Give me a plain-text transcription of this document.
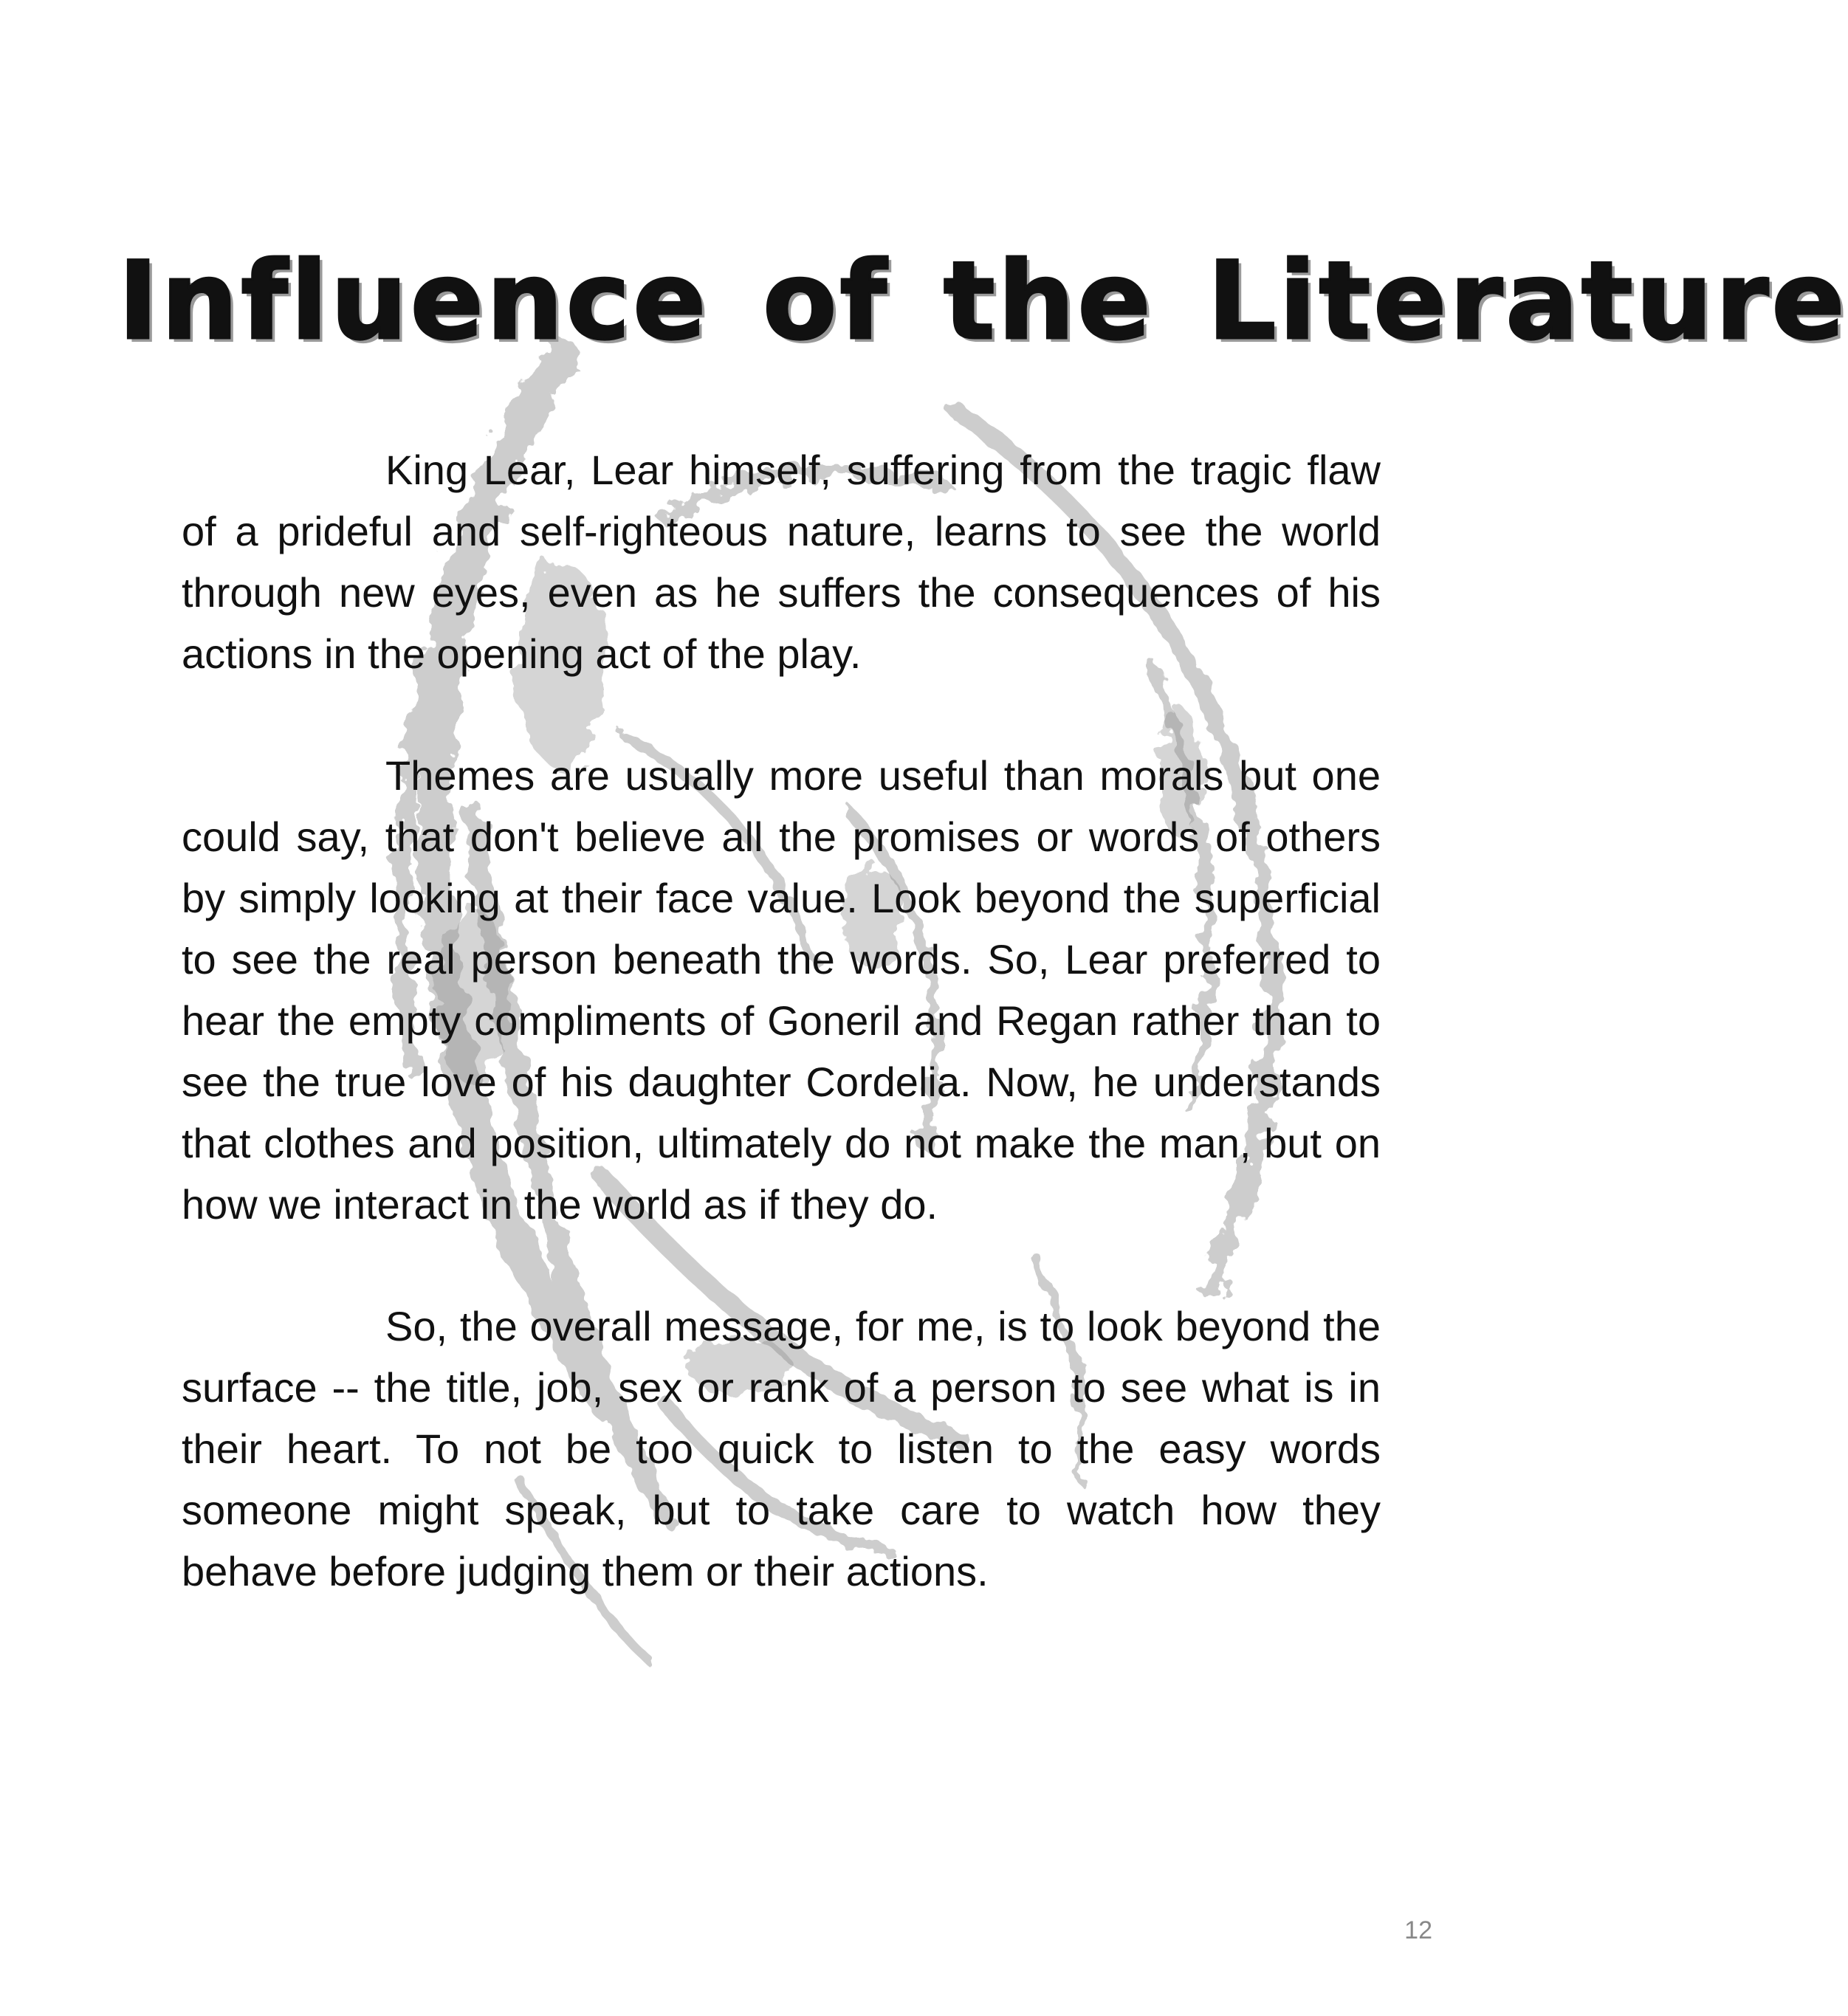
Influence of the Literature

King Lear, Lear himself, suffering from the tragic flaw of a prideful and self-righteous nature, learns to see the world through new eyes, even as he suffers the consequences of his actions in the opening act of the play.

Themes are usually more useful than morals but one could say, that don't believe all the promises or words of others by simply looking at their face value. Look beyond the superficial to see the real person beneath the words. So, Lear preferred to hear the empty compliments of Goneril and Regan rather than to see the true love of his daughter Cordelia. Now, he understands that clothes and position, ultimately do not make the man, but on how we interact in the world as if they do.

So, the overall message, for me, is to look beyond the surface -- the title, job, sex or rank of a person to see what is in their heart. To not be too quick to listen to the easy words someone might speak, but to take care to watch how they behave before judging them or their actions.

12
